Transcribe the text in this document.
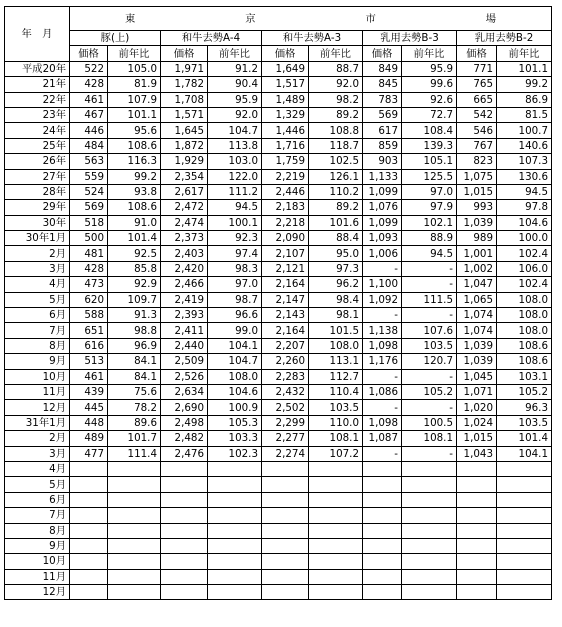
年　月	東 京 市 場									

	豚(上)		和牛去勢A-4		和牛去勢A-3		乳用去勢B-3		乳用去勢B-2	
	価格	前年比	価格	前年比	価格	前年比	価格	前年比	価格	前年比
平成20年	522	105.0	1,971	91.2	1,649	88.7	849	95.9	771	101.1
21年	428	81.9	1,782	90.4	1,517	92.0	845	99.6	765	99.2
22年	461	107.9	1,708	95.9	1,489	98.2	783	92.6	665	86.9
23年	467	101.1	1,571	92.0	1,329	89.2	569	72.7	542	81.5
24年	446	95.6	1,645	104.7	1,446	108.8	617	108.4	546	100.7
25年	484	108.6	1,872	113.8	1,716	118.7	859	139.3	767	140.6
26年	563	116.3	1,929	103.0	1,759	102.5	903	105.1	823	107.3
27年	559	99.2	2,354	122.0	2,219	126.1	1,133	125.5	1,075	130.6
28年	524	93.8	2,617	111.2	2,446	110.2	1,099	97.0	1,015	94.5
29年	569	108.6	2,472	94.5	2,183	89.2	1,076	97.9	993	97.8
30年	518	91.0	2,474	100.1	2,218	101.6	1,099	102.1	1,039	104.6
30年1月	500	101.4	2,373	92.3	2,090	88.4	1,093	88.9	989	100.0
2月	481	92.5	2,403	97.4	2,107	95.0	1,006	94.5	1,001	102.4
3月	428	85.8	2,420	98.3	2,121	97.3	-	-	1,002	106.0
4月	473	92.9	2,466	97.0	2,164	96.2	1,100	-	1,047	102.4
5月	620	109.7	2,419	98.7	2,147	98.4	1,092	111.5	1,065	108.0
6月	588	91.3	2,393	96.6	2,143	98.1	-	-	1,074	108.0
7月	651	98.8	2,411	99.0	2,164	101.5	1,138	107.6	1,074	108.0
8月	616	96.9	2,440	104.1	2,207	108.0	1,098	103.5	1,039	108.6
9月	513	84.1	2,509	104.7	2,260	113.1	1,176	120.7	1,039	108.6
10月	461	84.1	2,526	108.0	2,283	112.7	-	-	1,045	103.1
11月	439	75.6	2,634	104.6	2,432	110.4	1,086	105.2	1,071	105.2
12月	445	78.2	2,690	100.9	2,502	103.5	-	-	1,020	96.3
31年1月	448	89.6	2,498	105.3	2,299	110.0	1,098	100.5	1,024	103.5
2月	489	101.7	2,482	103.3	2,277	108.1	1,087	108.1	1,015	101.4
3月	477	111.4	2,476	102.3	2,274	107.2	-	-	1,043	104.1
4月										
5月										
6月										
7月										
8月										
9月										
10月										
11月										
12月										
